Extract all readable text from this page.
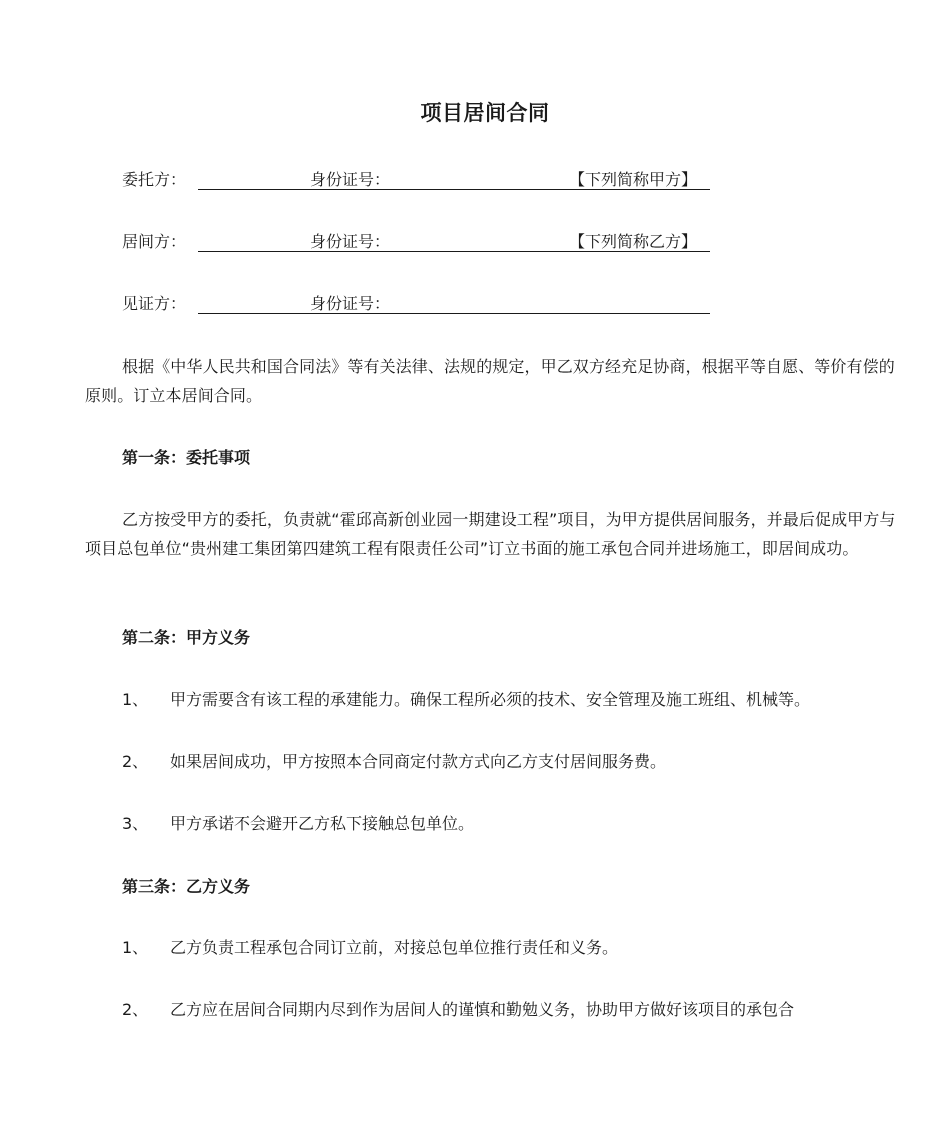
项目居间合同
委托方：	身份证号：	【下列简称甲方】
居间方：	身份证号：	【下列简称乙方】
见证方：	身份证号：
根据《中华人民共和国合同法》等有关法律、法规的规定，甲乙双方经充足协商，根据平等自愿、等价有偿的原则。订立本居间合同。
第一条：委托事项
乙方按受甲方的委托，负责就“霍邱高新创业园一期建设工程”项目，为甲方提供居间服务，并最后促成甲方与项目总包单位“贵州建工集团第四建筑工程有限责任公司”订立书面的施工承包合同并进场施工，即居间成功。
第二条：甲方义务
1、 甲方需要含有该工程的承建能力。确保工程所必须的技术、安全管理及施工班组、机械等。
2、 如果居间成功，甲方按照本合同商定付款方式向乙方支付居间服务费。
3、 甲方承诺不会避开乙方私下接触总包单位。
第三条：乙方义务
1、 乙方负责工程承包合同订立前，对接总包单位推行责任和义务。
2、 乙方应在居间合同期内尽到作为居间人的谨慎和勤勉义务，协助甲方做好该项目的承包合
